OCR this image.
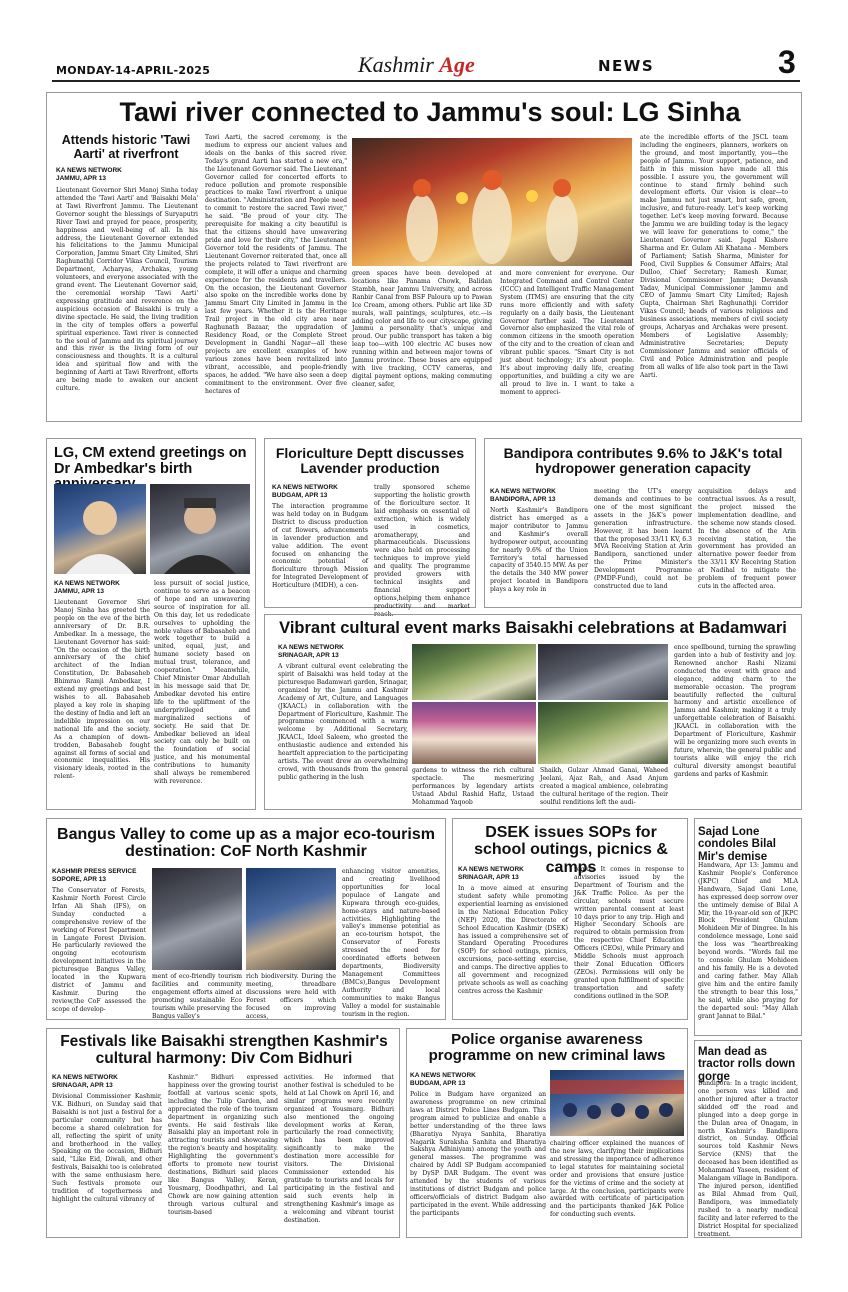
MONDAY-14-APRIL-2025	Kashmir Age	NEWS	3
Tawi river connected to Jammu's soul: LG Sinha
Attends historic 'Tawi Aarti' at riverfront
KA NEWS NETWORK
JAMMU, APR 13
Lieutenant Governor Shri Manoj Sinha today attended the 'Tawi Aarti' and 'Baisakhi Mela' at Tawi Riverfront Jammu. The Lieutenant Governor sought the blessings of Suryaputri River Tawi and prayed for peace, prosperity, happiness and well-being of all. In his address, the Lieutenant Governor extended his felicitations to the Jammu Municipal Corporation, Jammu Smart City Limited, Shri Raghunathji Corridor Vikas Council, Tourism Department, Acharyas, Archakas, young volunteers, and everyone associated with the grand event. The Lieutenant Governor said, the ceremonial worship 'Tawi Aarti' expressing gratitude and reverence on the auspicious occasion of Baisakhi is truly a divine spectacle. He said, the living tradition in the city of temples offers a powerful spiritual experience. Tawi river is connected to the soul of Jammu and its spiritual journey and this river is the living form of our consciousness and thoughts. It is a cultural idea and spiritual flow and with the beginning of Aarti at Tawi Riverfront, efforts are being made to awaken our ancient culture.
Tawi Aarti, the sacred ceremony, is the medium to express our ancient values and ideals on the banks of this sacred river. Today's grand Aarti has started a new era," the Lieutenant Governor said. The Lieutenant Governor called for concerted efforts to reduce pollution and promote responsible practices to make Tawi riverfront a unique destination. "Administration and People need to commit to restore the sacred Tawi river," he said. "Be proud of your city. The prerequisite for making a city beautiful is that the citizens should have unwavering pride and love for their city," the Lieutenant Governor told the residents of Jammu. The Lieutenant Governor reiterated that, once all the projects related to Tawi riverfront are complete, it will offer a unique and charming experience for the residents and travellers. On the occasion, the Lieutenant Governor also spoke on the incredible works done by Jammu Smart City Limited in Jammu in the last few years. Whether it is the Heritage Trail project in the old city area near Raghunath Bazaar, the upgradation of Residency Road, or the Complete Street Development in Gandhi Nagar—all these projects are excellent examples of how various zones have been revitalized into vibrant, accessible, and people-friendly spaces, he added. "We have also seen a deep commitment to the environment. Over five hectares of
green spaces have been developed at locations like Panama Chowk, Balidan Stambh, near Jammu University, and across Ranbir Canal from BSF Paloura up to Pawan Ice Cream, among others. Public art like 3D murals, wall paintings, sculptures, etc.—is adding color and life to our cityscape, giving Jammu a personality that's unique and proud. Our public transport has taken a big leap too—with 100 electric AC buses now running within and between major towns of Jammu province. These buses are equipped with live tracking, CCTV cameras, and digital payment options, making commuting cleaner, safer,
and more convenient for everyone. Our Integrated Command and Control Center (ICCC) and Intelligent Traffic Management System (ITMS) are ensuring that the city runs more efficiently and with safety regularly on a daily basis, the Lieutenant Governor further said. The Lieutenant Governor also emphasized the vital role of common citizens in the smooth operation of the city and to the creation of clean and vibrant public spaces. "Smart City is not just about technology; it's about people. It's about improving daily life, creating opportunities, and building a city we are all proud to live in. I want to take a moment to appreci-
ate the incredible efforts of the JSCL team including the engineers, planners, workers on the ground, and most importantly, you—the people of Jammu. Your support, patience, and faith in this mission have made all this possible. I assure you, the government will continue to stand firmly behind such development efforts. Our vision is clear—to make Jammu not just smart, but safe, green, inclusive, and future-ready. Let's keep working together. Let's keep moving forward. Because the Jammu we are building today is the legacy we will leave for generations to come," the Lieutenant Governor said. Jugal Kishore Sharma and Er. Gulam Ali Khatana - Members of Parliament; Satish Sharma, Minister for Food, Civil Supplies & Consumer Affairs; Atal Dulloo, Chief Secretary; Ramesh Kumar, Divisional Commissioner Jammu; Devansh Yadav, Municipal Commissioner Jammu and CEO of Jammu Smart City Limited; Rajesh Gupta, Chairman Shri Raghunathji Corridor Vikas Council; heads of various religious and business associations, members of civil society groups, Acharyas and Archakas were present. Members of Legislative Assembly; Administrative Secretaries; Deputy Commissioner Jammu and senior officials of Civil and Police Administration and people from all walks of life also took part in the Tawi Aarti.
LG, CM extend greetings on Dr Ambedkar's birth
KA NEWS NETWORK
JAMMU, APR 13
Lieutenant Governor Shri Manoj Sinha has greeted the people on the eve of the birth anniversary of Dr. B.R. Ambedkar. In a message, the Lieutenant Governor has said: "On the occasion of the birth anniversary of the chief architect of the Indian Constitution, Dr. Babasaheb Bhimrao Ramji Ambedkar, I extend my greetings and best wishes to all. Babasaheb played a key role in shaping the destiny of India and left an indelible impression on our national life and the society. As a champion of down-trodden, Babasaheb fought against all forms of social and economic inequalities. His visionary ideals, rooted in the relent-
less pursuit of social justice, continue to serve as a beacon of hope and an unwavering source of inspiration for all. On this day, let us rededicate ourselves to upholding the noble values of Babasaheb and work together to build a united, equal, just, and humane society based on mutual trust, tolerance, and cooperation." Meanwhile, Chief Minister Omar Abdullah in his message said that Dr. Ambedkar devoted his entire life to the upliftment of the underprivileged and marginalized sections of society. He said that Dr. Ambedkar believed an ideal society can only be built on the foundation of social justice, and his monumental contributions to humanity shall always be remembered with reverence.
Floriculture Deptt discusses Lavender production
KA NEWS NETWORK
BUDGAM, APR 13
The interaction programme was held today on in Budgam District to discuss production of cut flowers, advancements in lavender production and value addition. The event focused on enhancing the economic potential of floriculture through Mission for Integrated Development of Horticulture (MIDH), a cen-
trally sponsored scheme supporting the holistic growth of the floriculture sector. It laid emphasis on essential oil extraction, which is widely used in cosmetics, aromatherapy, and pharmaceuticals. Discussions were also held on processing techniques to improve yield and quality. The programme provided growers with technical insights and financial support options,helping them enhance productivity and market reach.
Bandipora contributes 9.6% to J&K's total hydropower generation capacity
KA NEWS NETWORK
BANDIPORA, APR 13
North Kashmir's Bandipora district has emerged as a major contributor to Jammu and Kashmir's overall hydropower output, accounting for nearly 9.6% of the Union Territory's total harnessed capacity of 3540.15 MW. As per the details the 340 MW power project located in Bandipora plays a key role in
meeting the UT's energy demands and continues to be one of the most significant assets in the J&K's power generation infrastructure. However, it has been learnt that the proposed 33/11 KV, 6.3 MVA Receiving Station at Arin Bandipora, sanctioned under the Prime Minister's Development Programme (PMDP-Fund), could not be constructed due to land
acquisition delays and contractual issues. As a result, the project missed the implementation deadline, and the scheme now stands closed. In the absence of the Arin receiving station, the government has provided an alternative power feeder from the 33/11 KV Receiving Station at Nadihal to mitigate the problem of frequent power cuts in the affected area.
Vibrant cultural event marks Baisakhi celebrations at Badamwari
KA NEWS NETWORK
SRINAGAR, APR 13
A vibrant cultural event celebrating the spirit of Baisakhi was held today at the picturesque Badamwari garden, Srinagar, organized by the Jammu and Kashmir Academy of Art, Culture, and Languages (JKAACL) in collaboration with the Department of Floriculture, Kashmir. The programme commenced with a warm welcome by Additional Secretary, JKAACL, Ideel Saleem, who greeted the enthusiastic audience and extended his heartfelt appreciation to the participating artists. The event drew an overwhelming crowd, with thousands from the general public gathering in the lush
gardens to witness the rich cultural spectacle. The mesmerizing performances by legendary artists Ustaad Abdul Rashid Hafiz, Ustaad Mohammad Yaqoob
Shaikh, Gulzar Ahmad Ganai, Waheed Jeelani, Ajaz Rah, and Asad Anjum created a magical ambience, celebrating the cultural heritage of the region. Their soulful renditions left the audi-
ence spellbound, turning the sprawling garden into a hub of festivity and joy. Renowned anchor Rashi Nizami conducted the event with grace and elegance, adding charm to the memorable occasion. The program beautifully reflected the cultural harmony and artistic excellence of Jammu and Kashmir, making it a truly unforgettable celebration of Baisakhi. JKAACL in collaboration with the Department of Floriculture, Kashmir will be organizing more such events in future, wherein, the general public and tourists alike will enjoy the rich cultural diversity amongst beautiful gardens and parks of Kashmir.
Bangus Valley to come up as a major eco-tourism destination: CoF North Kashmir
KASHMIR PRESS SERVICE
SOPORE, APR 13
The Conservator of Forests, Kashmir North Forest Circle Irfan Ali Shah (IFS), on Sunday conducted a comprehensive review of the working of Forest Department in Langate Forest Division. He particularly reviewed the ongoing ecotourism development initiatives in the picturesque Bangus Valley, located in the Kupwara district of Jammu and Kashmir. During the review,the CoF assessed the scope of develop-
ment of eco-friendly tourism facilities and community engagement efforts aimed at promoting sustainable Eco tourism while preserving the Bangus valley's
rich biodiversity. During the meeting, threadbare discussions were held with Forest officers which focused on improving access,
enhancing visitor amenities, and creating livelihood opportunities for local populace of Langate and Kupwara through eco-guides, home-stays and nature-based activities. Highlighting the valley's immense potential as an eco-tourism hotspot, the Conservator of Forests stressed the need for coordinated efforts between departments, Biodiversity Management Committees (BMCs),Bangus Development Authority and local communities to make Bangus Valley a model for sustainable tourism in the region.
DSEK issues SOPs for school outings, picnics & camps
KA NEWS NETWORK
SRINAGAR, APR 13
In a move aimed at ensuring student safety while promoting experiential learning as envisioned in the National Education Policy (NEP) 2020, the Directorate of School Education Kashmir (DSEK) has issued a comprehensive set of Standard Operating Procedures (SOP) for school outings, picnics, excursions, pace-setting exercise, and camps. The directive applies to all government and recognized private schools as well as coaching centres across the Kashmir
region. It comes in response to advisories issued by the Department of Tourism and the J&K Traffic Police. As per the circular, schools must secure written parental consent at least 10 days prior to any trip. High and Higher Secondary Schools are required to obtain permission from the respective Chief Education Officers (CEOs), while Primary and Middle Schools must approach their Zonal Education Officers (ZEOs). Permissions will only be granted upon fulfillment of specific transportation and safety conditions outlined in the SOP.
Sajad Lone condoles Bilal Mir's demise
Handwara, Apr 13: Jammu and Kashmir People's Conference (JKPC) Chief and MLA Handwara, Sajad Gani Lone, has expressed deep sorrow over the untimely demise of Bilal A Mir, the 19-year-old son of JKPC Block President Ghulam Mohideen Mir of Dingree. In his condolence message, Lone said the loss was "heartbreaking beyond words. "Words fail me to console Ghulam Mohideen and his family. He is a devoted and caring father. May Allah give him and the entire family the strength to bear this loss," he said, while also praying for the departed soul: "May Allah grant Jannat to Bilal."
Man dead as tractor rolls down gorge
Bandipora: In a tragic incident, one person was killed and another injured after a tractor skidded off the road and plunged into a deep gorge in the Dulan area of Onagam, in north Kashmir's Bandipora district, on Sunday. Official sources told Kashmir News Service (KNS) that the deceased has been identified as Mohammad Yaseen, resident of Malangam village in Bandipora. The injured person, identified as Bilal Ahmad from Quil, Bandipora, was immediately rushed to a nearby medical facility and later referred to the District Hospital for specialized treatment.
Festivals like Baisakhi strengthen Kashmir's cultural harmony: Div Com Bidhuri
KA NEWS NETWORK
SRINAGAR, APR 13
Divisional Commissioner Kashmir, V.K. Bidhuri, on Sunday said that Baisakhi is not just a festival for a particular community but has become a shared celebration for all, reflecting the spirit of unity and brotherhood in the valley. Speaking on the occasion, Bidhuri said, "Like Eid, Diwali, and other festivals, Baisakhi too is celebrated with the same enthusiasm here. Such festivals promote our tradition of togetherness and highlight the cultural vibrancy of
Kashmir." Bidhuri expressed happiness over the growing tourist footfall at various scenic spots, including the Tulip Garden, and appreciated the role of the tourism department in organizing such events. He said festivals like Baisakhi play an important role in attracting tourists and showcasing the region's beauty and hospitality. Highlighting the government's efforts to promote new tourist destinations, Bidhuri said places like Bangus Valley, Keran, Yousmarg, Doodhpathri, and Lal Chowk are now gaining attention through various cultural and tourism-based
activities. He informed that another festival is scheduled to be held at Lal Chowk on April 16, and similar programs were recently organized at Yousmarg. Bidhuri also mentioned the ongoing development works at Keran, particularly the road connectivity, which has been improved significantly to make the destination more accessible for visitors. The Divisional Commissioner extended his gratitude to tourists and locals for participating in the festival and said such events help in strengthening Kashmir's image as a welcoming and vibrant tourist destination.
Police organise awareness programme on new criminal laws
KA NEWS NETWORK
BUDGAM, APR 13
Police in Budgam have organized an awareness programme on new criminal laws at District Police Lines Budgam. This program aimed to publicize and enable a better understanding of the three laws (Bharatiya Nyaya Sanhita, Bharatiya Nagarik Suraksha Sanhita and Bharatiya Sakshya Adhiniyam) among the youth and general masses. The programme was chaired by Addl SP Budgam accompanied by DySP DAR Budgam. The event was attended by the students of various institutions of district Budgam and police officers/officials of district Budgam also participated in the event. While addressing the participants
chairing officer explained the nuances of the new laws, clarifying their implications and stressing the importance of adherence to legal statutes for maintaining societal order and provisions that ensure justice for the victims of crime and the society at large. At the conclusion, participants were awarded with certificate of participation and the participants thanked J&K Police for conducting such events.
